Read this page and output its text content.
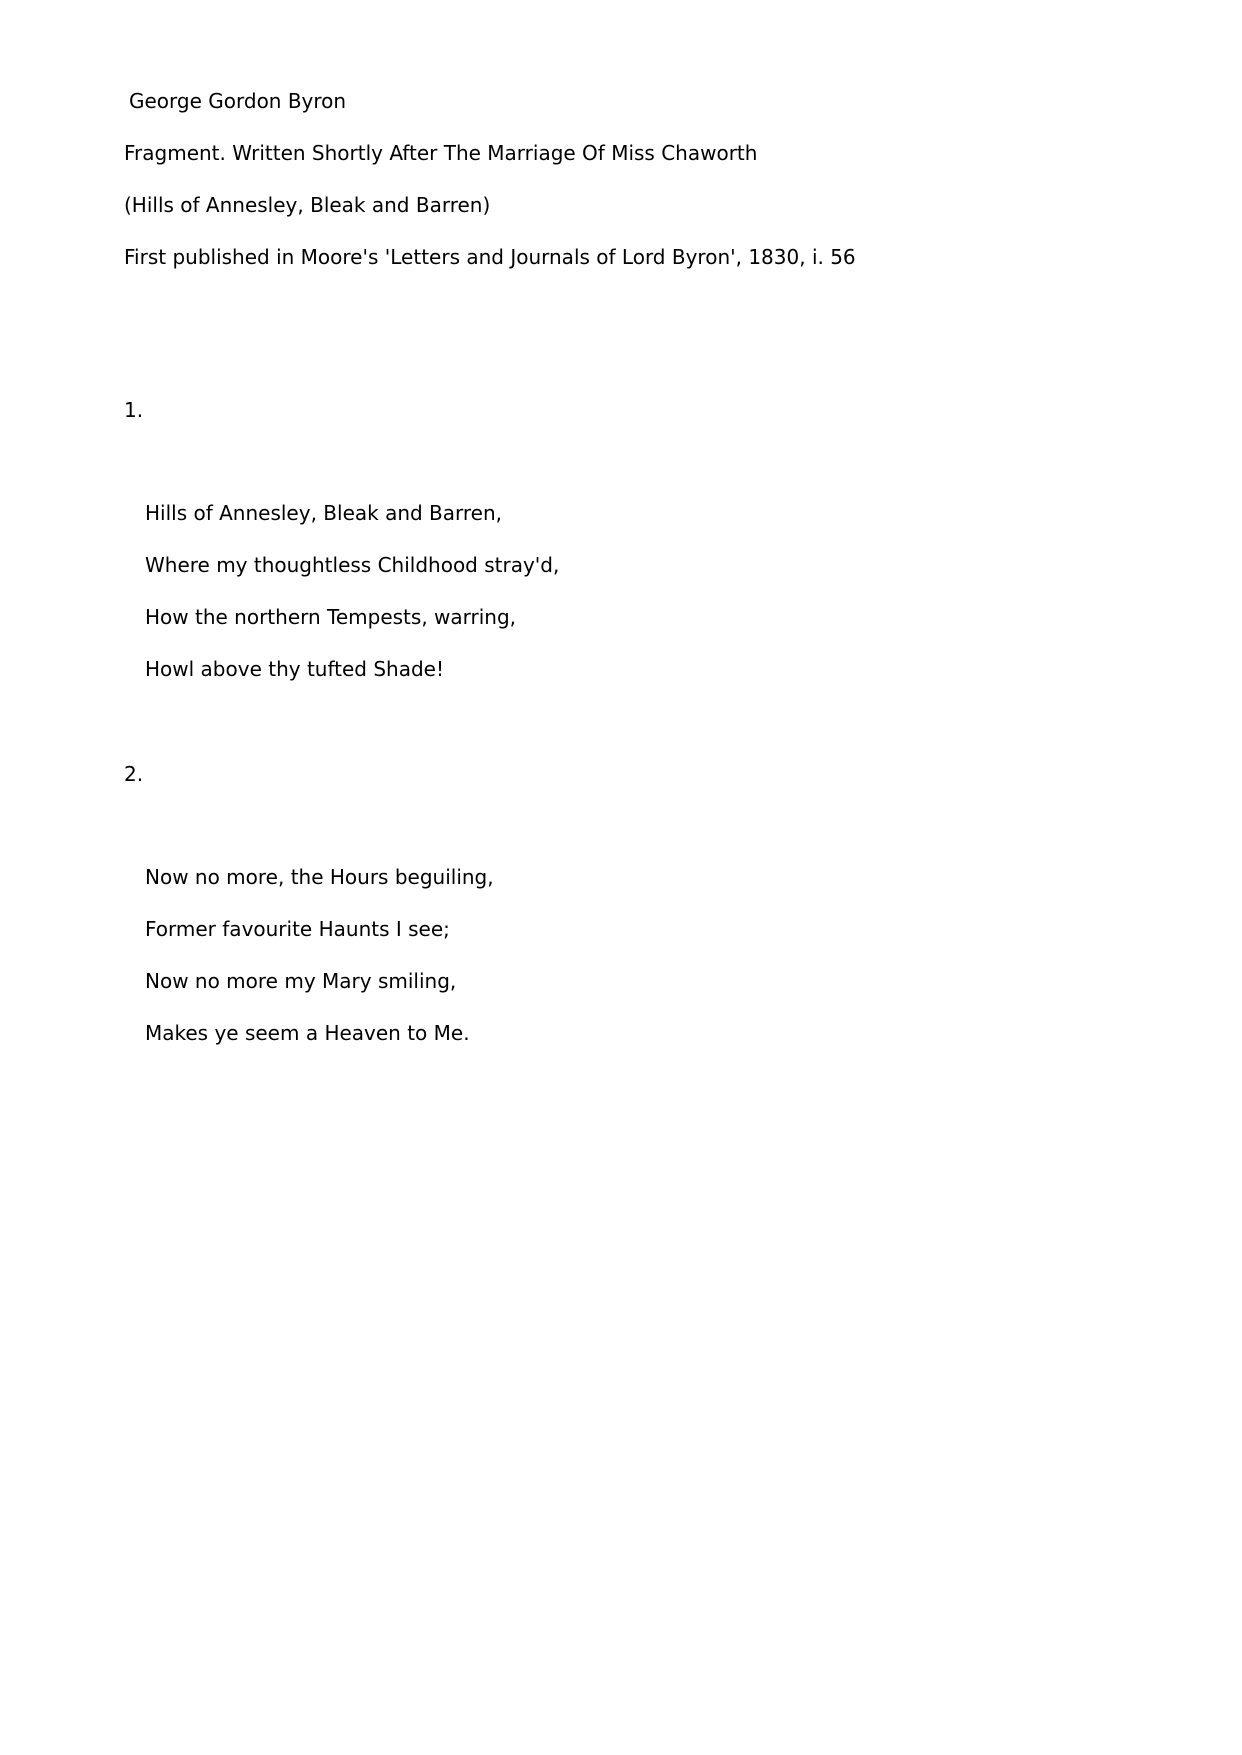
George Gordon Byron

Fragment. Written Shortly After The Marriage Of Miss Chaworth

(Hills of Annesley, Bleak and Barren)

First published in Moore's 'Letters and Journals of Lord Byron', 1830, i. 56

1.

Hills of Annesley, Bleak and Barren,

Where my thoughtless Childhood stray'd,

How the northern Tempests, warring,

Howl above thy tufted Shade!

2.

Now no more, the Hours beguiling,

Former favourite Haunts I see;

Now no more my Mary smiling,

Makes ye seem a Heaven to Me.
